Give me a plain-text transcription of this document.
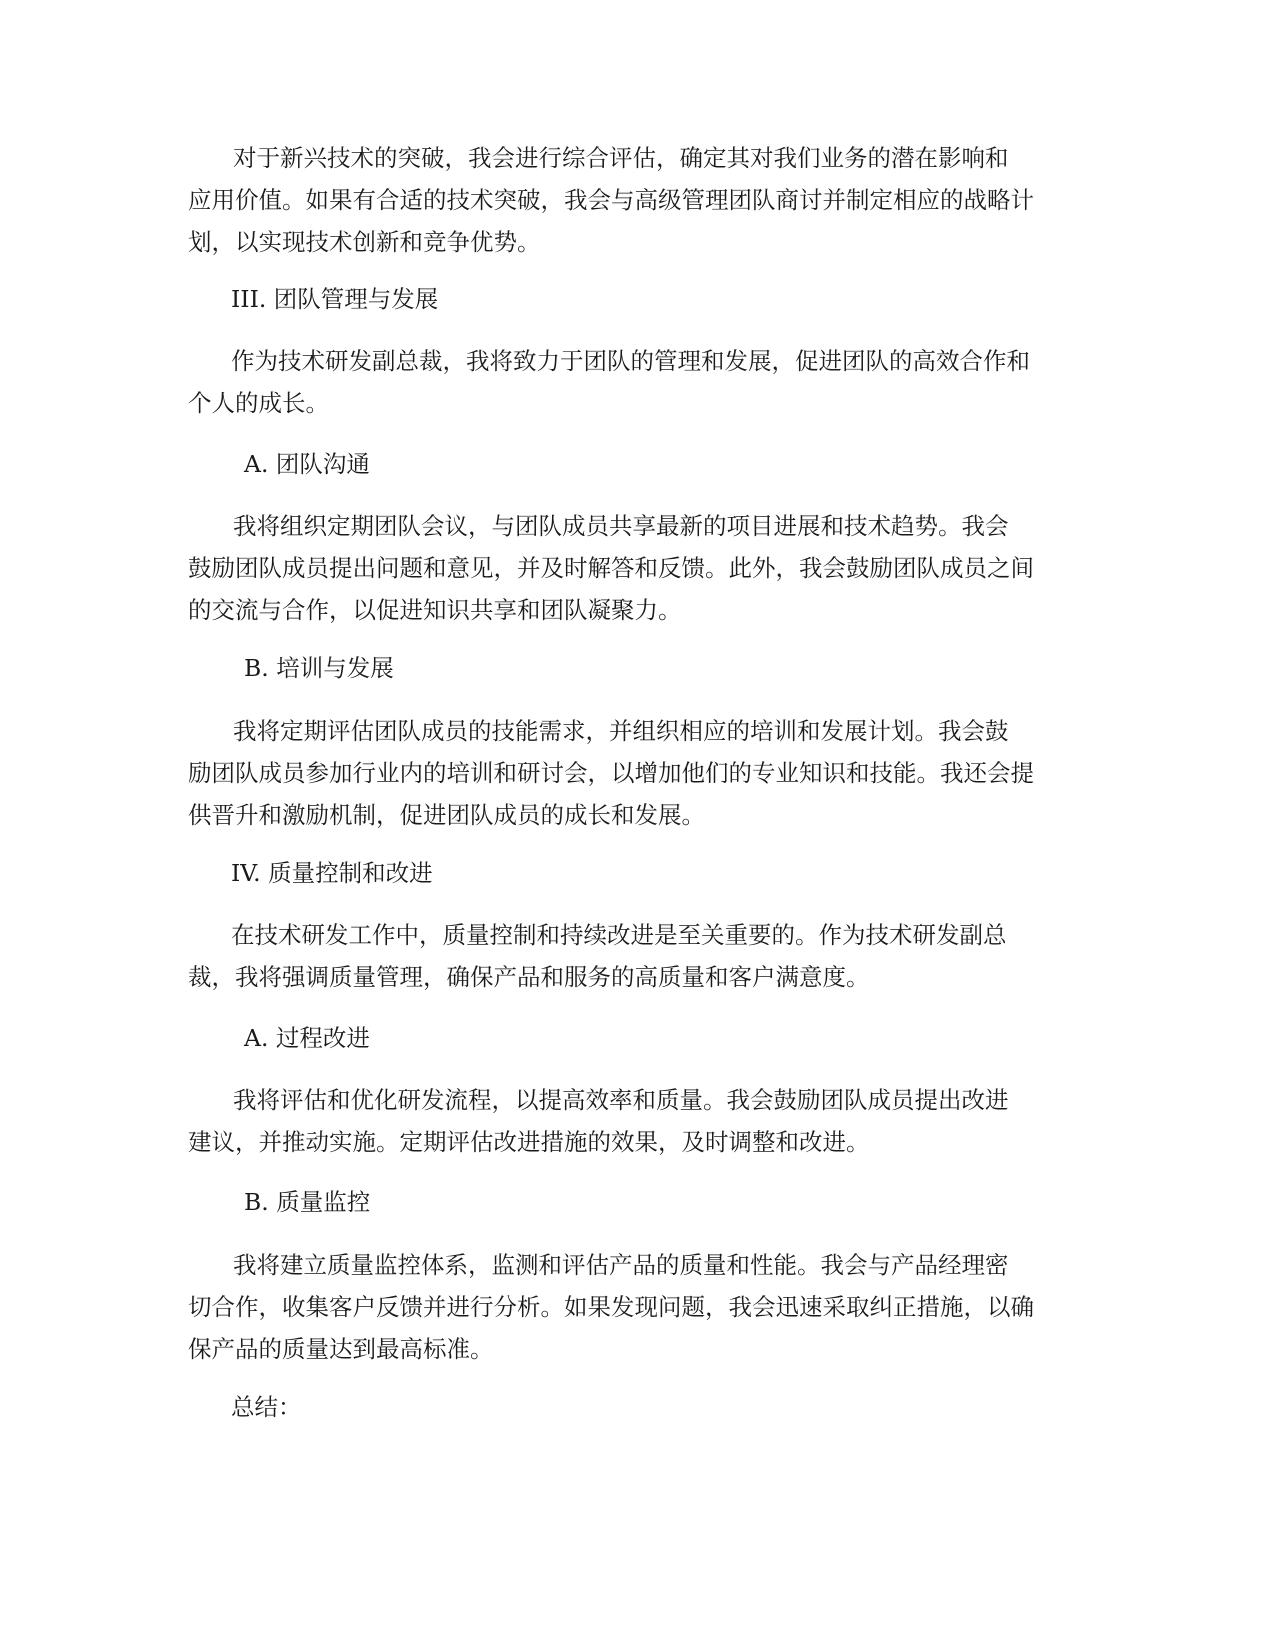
对于新兴技术的突破，我会进行综合评估，确定其对我们业务的潜在影响和
应用价值。如果有合适的技术突破，我会与高级管理团队商讨并制定相应的战略计
划，以实现技术创新和竞争优势。

III. 团队管理与发展

作为技术研发副总裁，我将致力于团队的管理和发展，促进团队的高效合作和
个人的成长。

A. 团队沟通

我将组织定期团队会议，与团队成员共享最新的项目进展和技术趋势。我会
鼓励团队成员提出问题和意见，并及时解答和反馈。此外，我会鼓励团队成员之间
的交流与合作，以促进知识共享和团队凝聚力。

B. 培训与发展

我将定期评估团队成员的技能需求，并组织相应的培训和发展计划。我会鼓
励团队成员参加行业内的培训和研讨会，以增加他们的专业知识和技能。我还会提
供晋升和激励机制，促进团队成员的成长和发展。

IV. 质量控制和改进

在技术研发工作中，质量控制和持续改进是至关重要的。作为技术研发副总
裁，我将强调质量管理，确保产品和服务的高质量和客户满意度。

A. 过程改进

我将评估和优化研发流程，以提高效率和质量。我会鼓励团队成员提出改进
建议，并推动实施。定期评估改进措施的效果，及时调整和改进。

B. 质量监控

我将建立质量监控体系，监测和评估产品的质量和性能。我会与产品经理密
切合作，收集客户反馈并进行分析。如果发现问题，我会迅速采取纠正措施，以确
保产品的质量达到最高标准。

总结：
